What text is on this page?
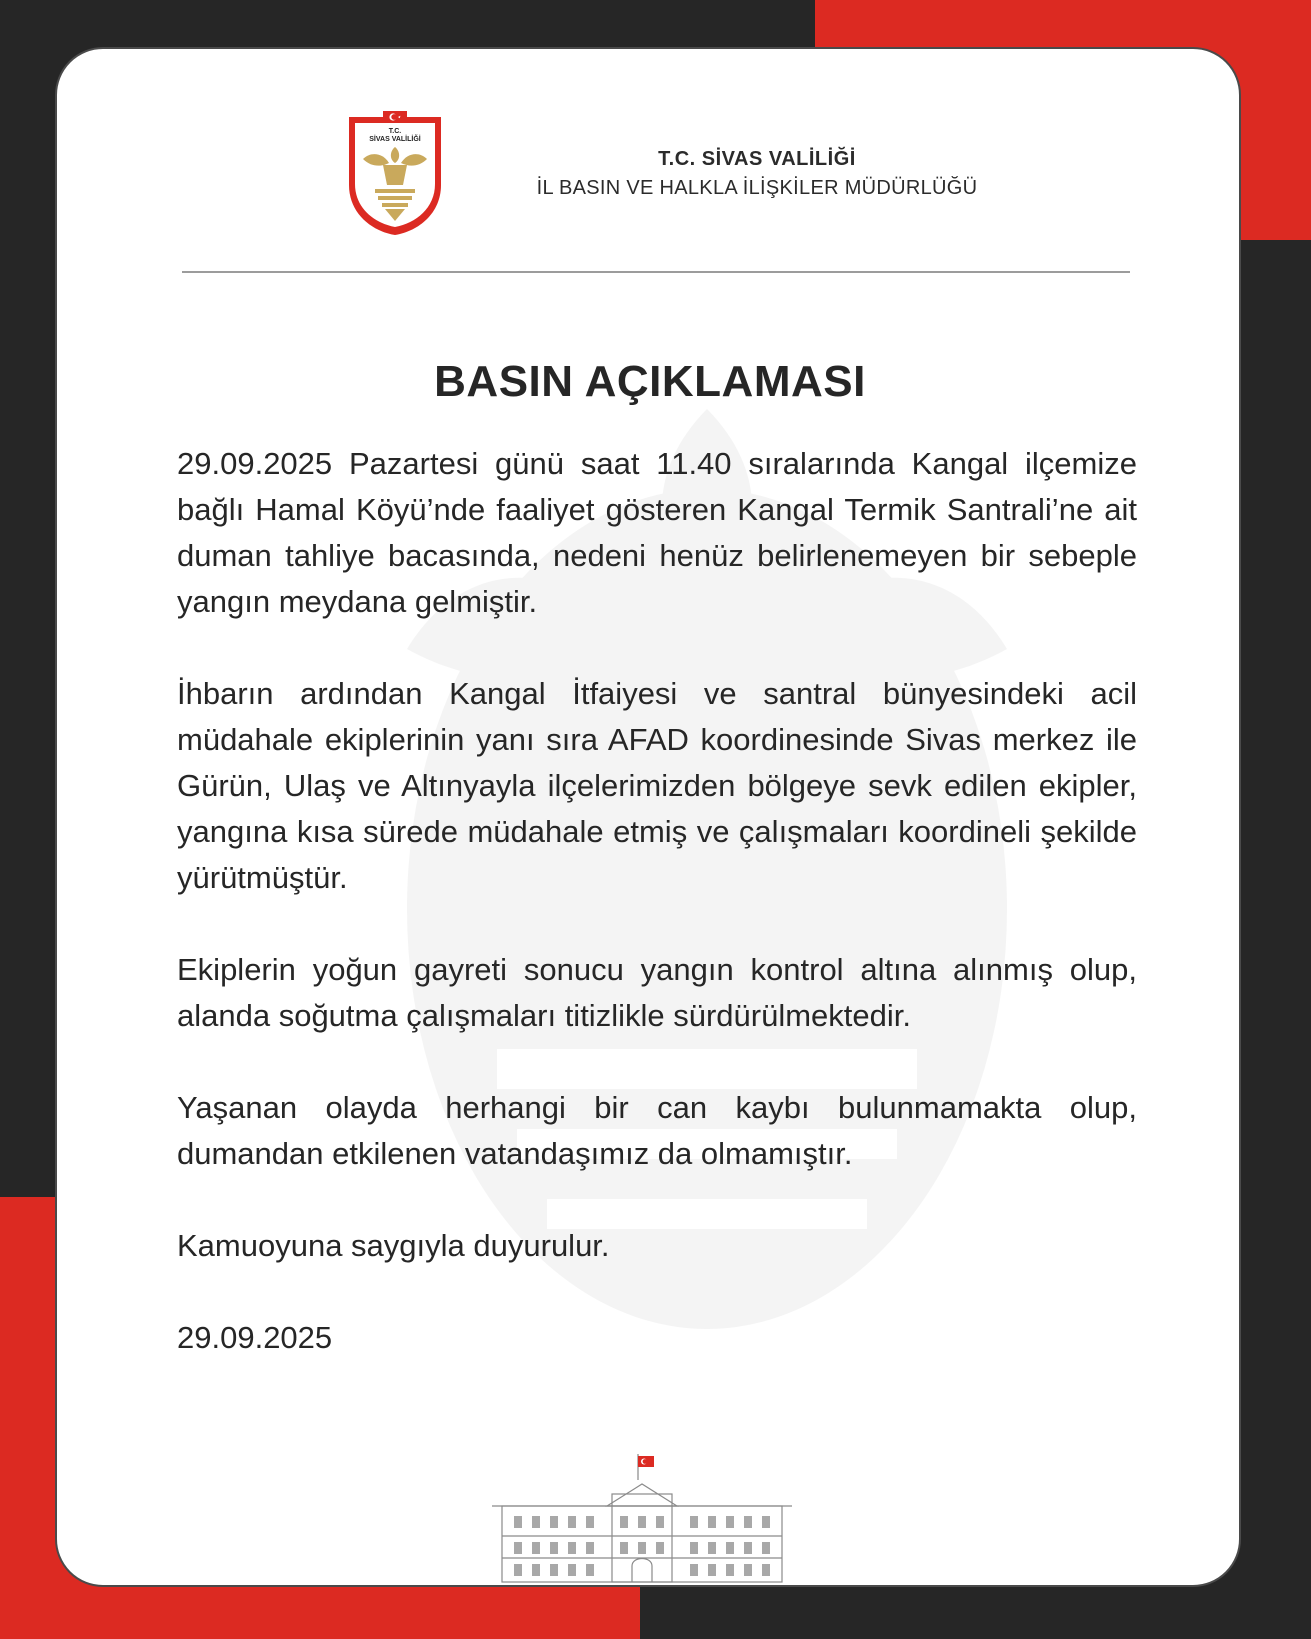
T.C.
SİVAS VALİLİĞİ
T.C. SİVAS VALİLİĞİ
İL BASIN VE HALKLA İLİŞKİLER MÜDÜRLÜĞÜ
BASIN AÇIKLAMASI

29.09.2025 Pazartesi günü saat 11.40 sıralarında Kangal ilçemize bağlı Hamal Köyü’nde faaliyet gösteren Kangal Termik Santrali’ne ait duman tahliye bacasında, nedeni henüz belirlenemeyen bir sebeple yangın meydana gelmiştir.

İhbarın ardından Kangal İtfaiyesi ve santral bünyesindeki acil müdahale ekiplerinin yanı sıra AFAD koordinesinde Sivas merkez ile Gürün, Ulaş ve Altınyayla ilçelerimizden bölgeye sevk edilen ekipler, yangına kısa sürede müdahale etmiş ve çalışmaları koordineli şekilde yürütmüştür.

Ekiplerin yoğun gayreti sonucu yangın kontrol altına alınmış olup, alanda soğutma çalışmaları titizlikle sürdürülmektedir.

Yaşanan olayda herhangi bir can kaybı bulunmamakta olup, dumandan etkilenen vatandaşımız da olmamıştır.

Kamuoyuna saygıyla duyurulur.

29.09.2025
